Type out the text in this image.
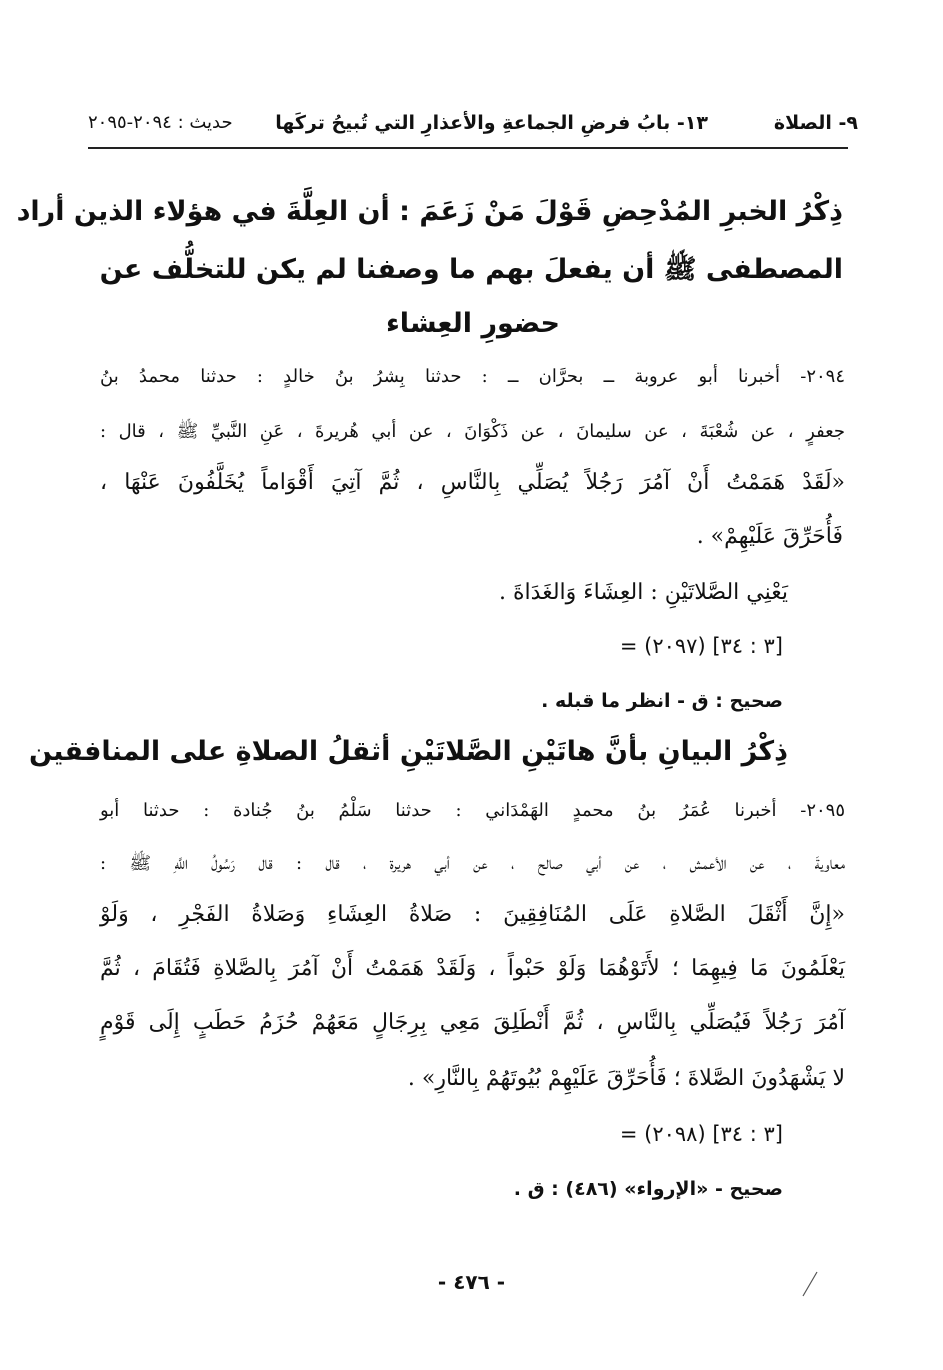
٩- الصلاة
١٣- بابُ فرضِ الجماعةِ والأعذارِ التي تُبيحُ تركَها
حديث : ٢٠٩٤-٢٠٩٥
ذِكْرُ الخبرِ المُدْحِضِ قَوْلَ مَنْ زَعَمَ : أن العِلَّةَ في هؤلاء الذين أراد
المصطفى ﷺ أن يفعلَ بهم ما وصفنا لم يكن للتخلُّف عن
حضورِ العِشاء
٢٠٩٤- أخبرنا أبو عروبة ــ بحرَّان ــ : حدثنا بِشرُ بنُ خالدٍ : حدثنا محمدُ بنُ
جعفرٍ ، عن شُعْبَةَ ، عن سليمانَ ، عن ذَكْوَانَ ، عن أبي هُريرةَ ، عَنِ النَّبيِّ ﷺ ، قال :
«لَقَدْ هَمَمْتُ أَنْ آمُرَ رَجُلاً يُصَلِّي بِالنَّاسِ ، ثُمَّ آتِيَ أَقْوَاماً يُخَلَّفُونَ عَنْهَا ،
فَأُحَرِّقَ عَلَيْهِمْ» .
يَعْنِي الصَّلاتَيْنِ : العِشَاءَ وَالغَدَاةَ .
= (٢٠٩٧) [٣ : ٣٤]
صحيح : ق - انظر ما قبله .
ذِكْرُ البيانِ بأنَّ هاتَيْنِ الصَّلاتَيْنِ أثقلُ الصلاةِ على المنافقين
٢٠٩٥- أخبرنا عُمَرُ بنُ محمدٍ الهَمْدَاني : حدثنا سَلْمُ بنُ جُنادة : حدثنا أبو
معاويةَ ، عن الأعمش ، عن أبي صالح ، عن أبي هريرة ، قال : قال رَسُولُ اللَّهِ ﷺ :
«إِنَّ أَثْقَلَ الصَّلاةِ عَلَى المُنَافِقِينَ : صَلاةُ العِشَاءِ وَصَلاةُ الفَجْرِ ، وَلَوْ
يَعْلَمُونَ مَا فِيهِمَا ؛ لأَتَوْهُمَا وَلَوْ حَبْواً ، وَلَقَدْ هَمَمْتُ أَنْ آمُرَ بِالصَّلاةِ فَتُقَامَ ، ثُمَّ
آمُرَ رَجُلاً فَيُصَلِّي بِالنَّاسِ ، ثُمَّ أَنْطَلِقَ مَعِي بِرِجَالٍ مَعَهُمْ حُزَمُ حَطَبٍ إِلَى قَوْمٍ
لا يَشْهَدُونَ الصَّلاةَ ؛ فَأُحَرِّقَ عَلَيْهِمْ بُيُوتَهُمْ بِالنَّارِ» .
= (٢٠٩٨) [٣ : ٣٤]
صحيح - «الإرواء» (٤٨٦) : ق .
- ٤٧٦ -
